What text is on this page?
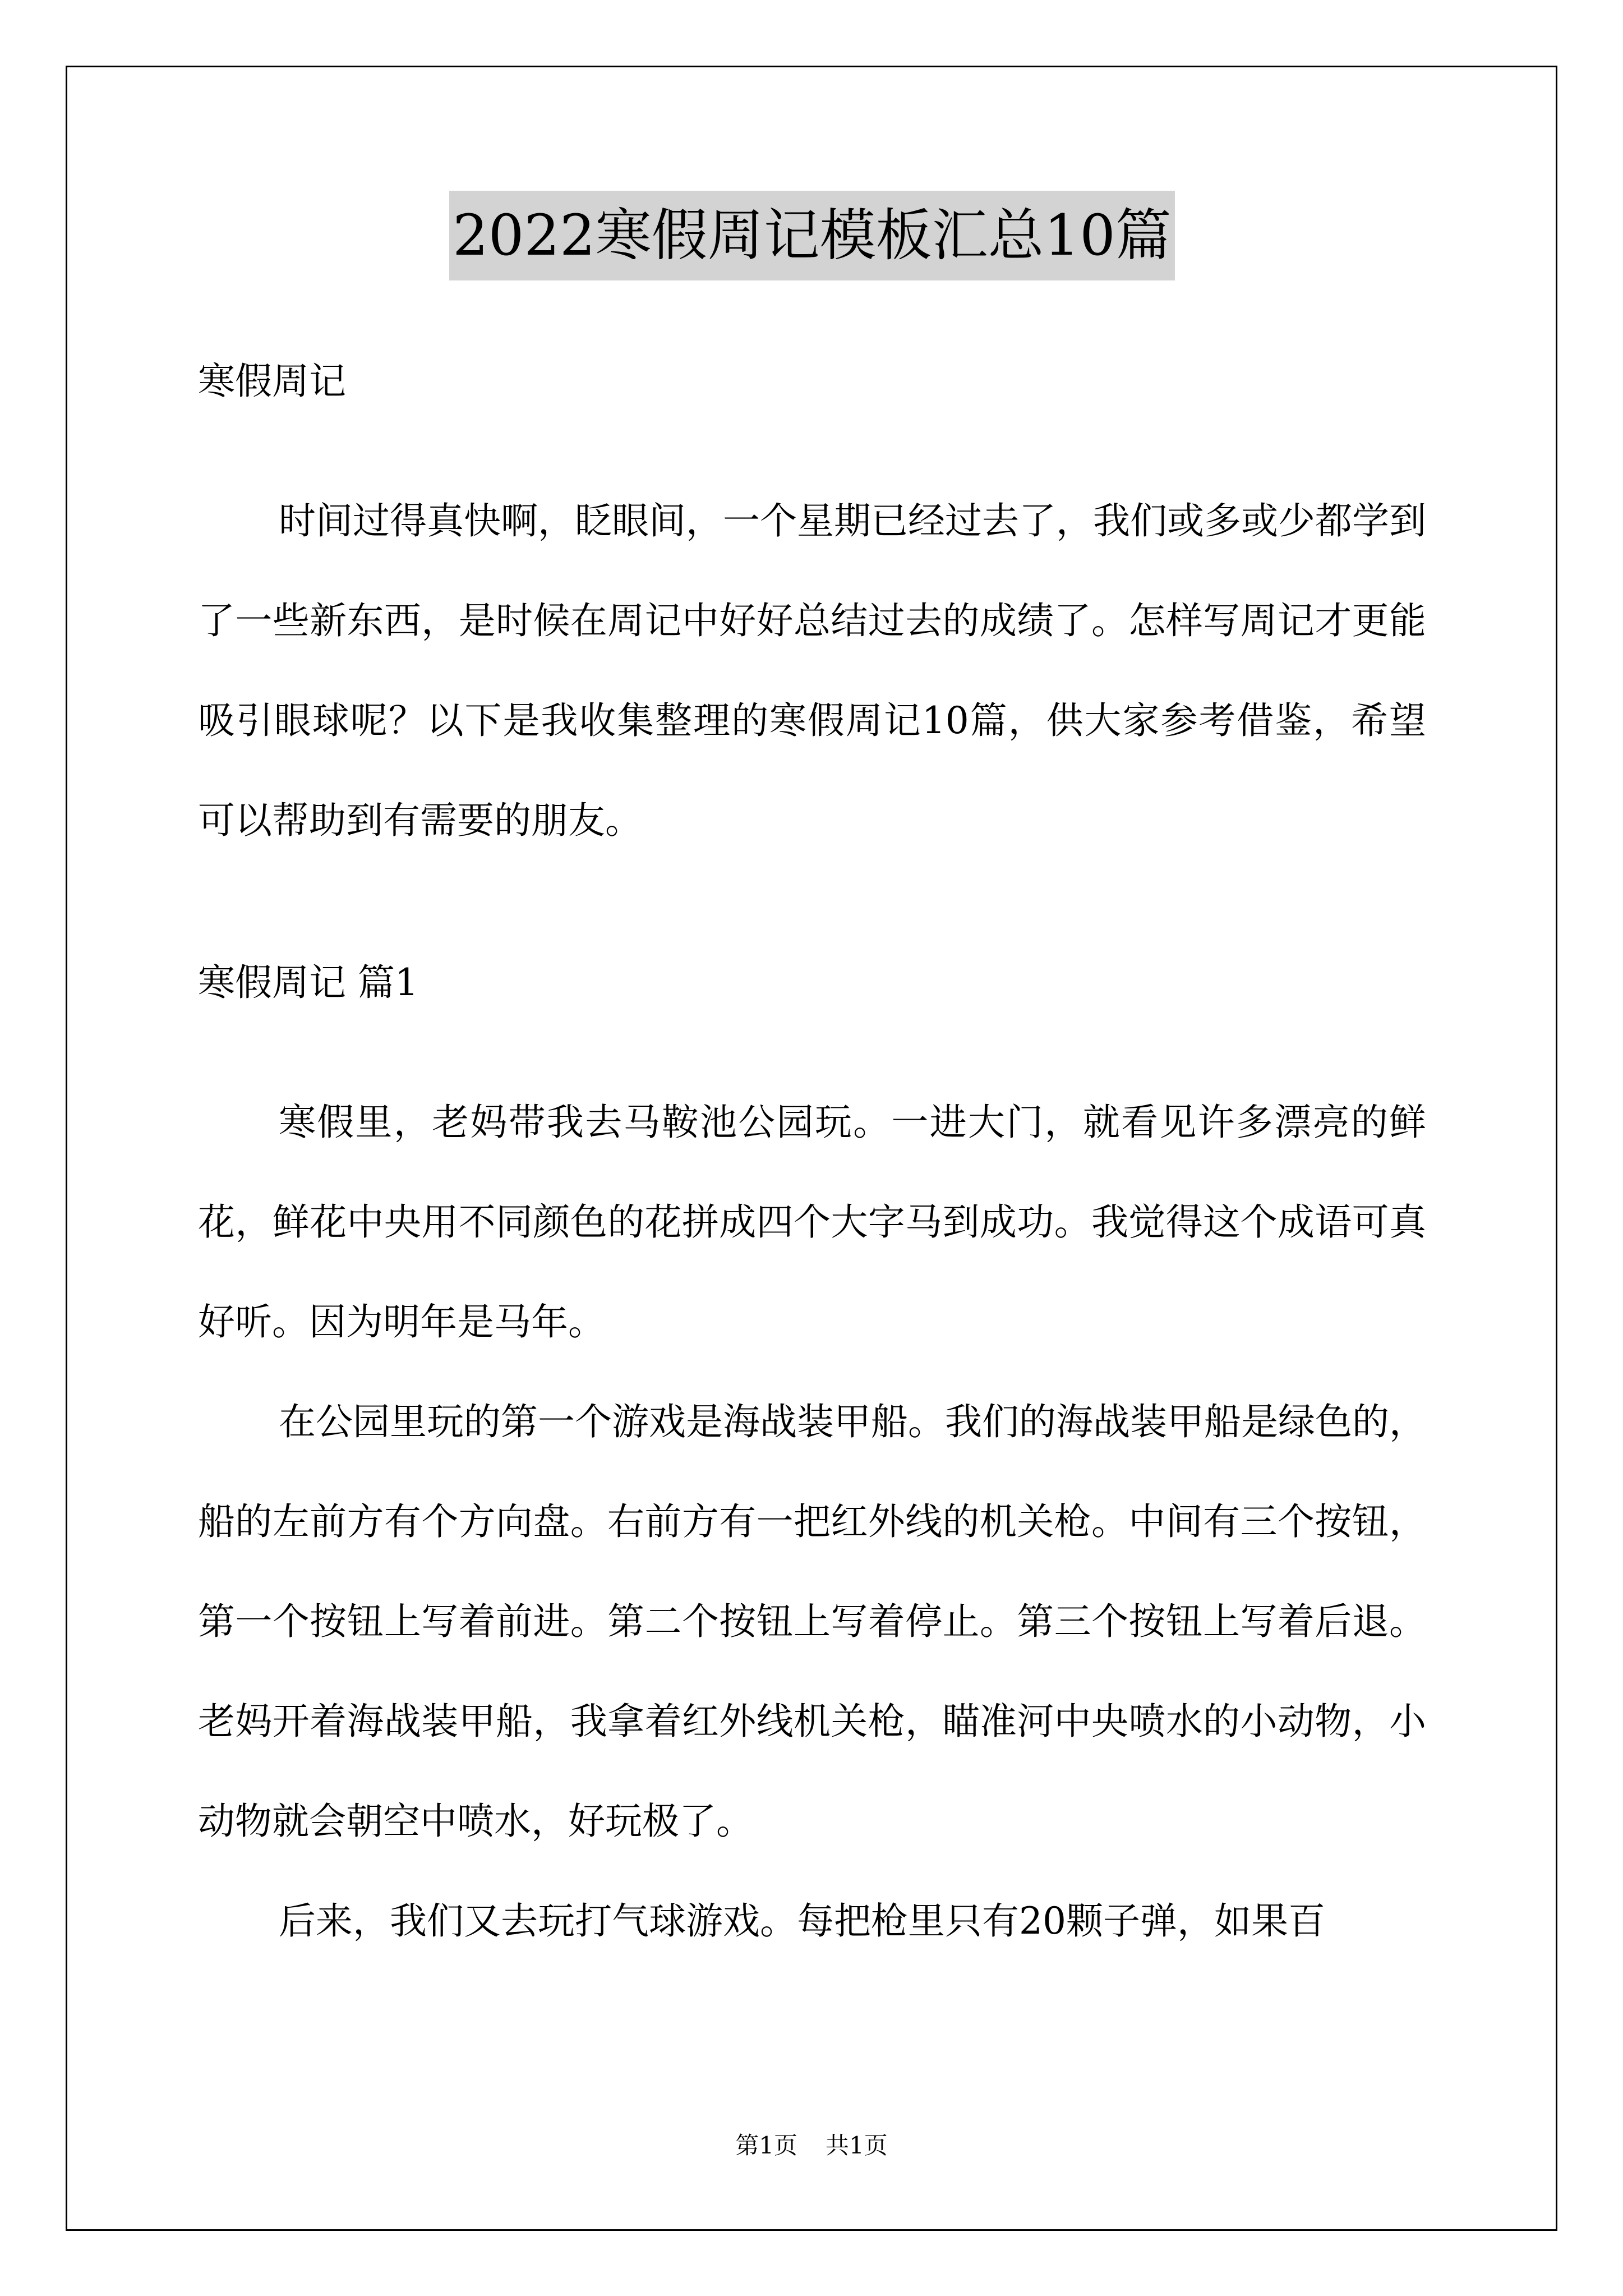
2022寒假周记模板汇总10篇

寒假周记

时间过得真快啊，眨眼间，一个星期已经过去了，我们或多或少都学到了一些新东西，是时候在周记中好好总结过去的成绩了。怎样写周记才更能吸引眼球呢？以下是我收集整理的寒假周记10篇，供大家参考借鉴，希望可以帮助到有需要的朋友。

寒假周记 篇1

寒假里，老妈带我去马鞍池公园玩。一进大门，就看见许多漂亮的鲜花，鲜花中央用不同颜色的花拼成四个大字马到成功。我觉得这个成语可真好听。因为明年是马年。

在公园里玩的第一个游戏是海战装甲船。我们的海战装甲船是绿色的，船的左前方有个方向盘。右前方有一把红外线的机关枪。中间有三个按钮，第一个按钮上写着前进。第二个按钮上写着停止。第三个按钮上写着后退。老妈开着海战装甲船，我拿着红外线机关枪，瞄准河中央喷水的小动物，小动物就会朝空中喷水，好玩极了。

后来，我们又去玩打气球游戏。每把枪里只有20颗子弹，如果百

第1页 共1页
